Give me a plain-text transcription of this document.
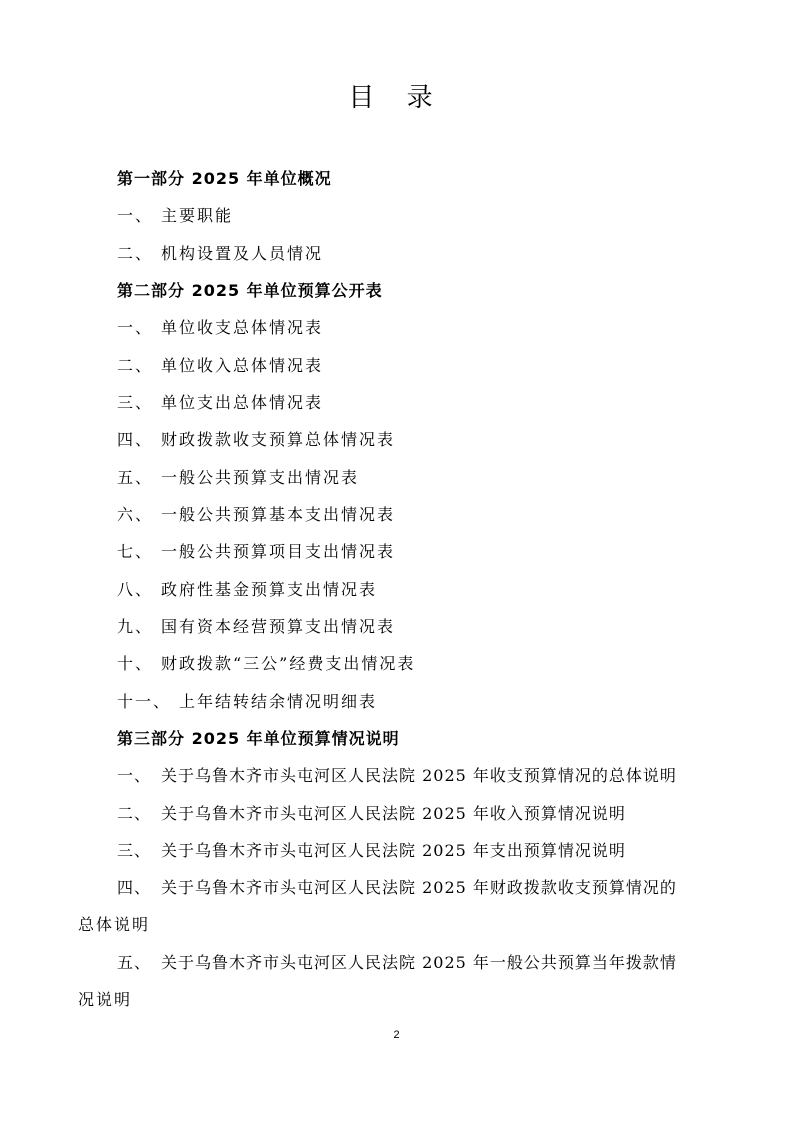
目 录
第一部分 2025 年单位概况
一、 主要职能
二、 机构设置及人员情况
第二部分 2025 年单位预算公开表
一、 单位收支总体情况表
二、 单位收入总体情况表
三、 单位支出总体情况表
四、 财政拨款收支预算总体情况表
五、 一般公共预算支出情况表
六、 一般公共预算基本支出情况表
七、 一般公共预算项目支出情况表
八、 政府性基金预算支出情况表
九、 国有资本经营预算支出情况表
十、 财政拨款“三公”经费支出情况表
十一、 上年结转结余情况明细表
第三部分 2025 年单位预算情况说明
一、 关于乌鲁木齐市头屯河区人民法院 2025 年收支预算情况的总体说明
二、 关于乌鲁木齐市头屯河区人民法院 2025 年收入预算情况说明
三、 关于乌鲁木齐市头屯河区人民法院 2025 年支出预算情况说明
四、 关于乌鲁木齐市头屯河区人民法院 2025 年财政拨款收支预算情况的
总体说明
五、 关于乌鲁木齐市头屯河区人民法院 2025 年一般公共预算当年拨款情
况说明
2
